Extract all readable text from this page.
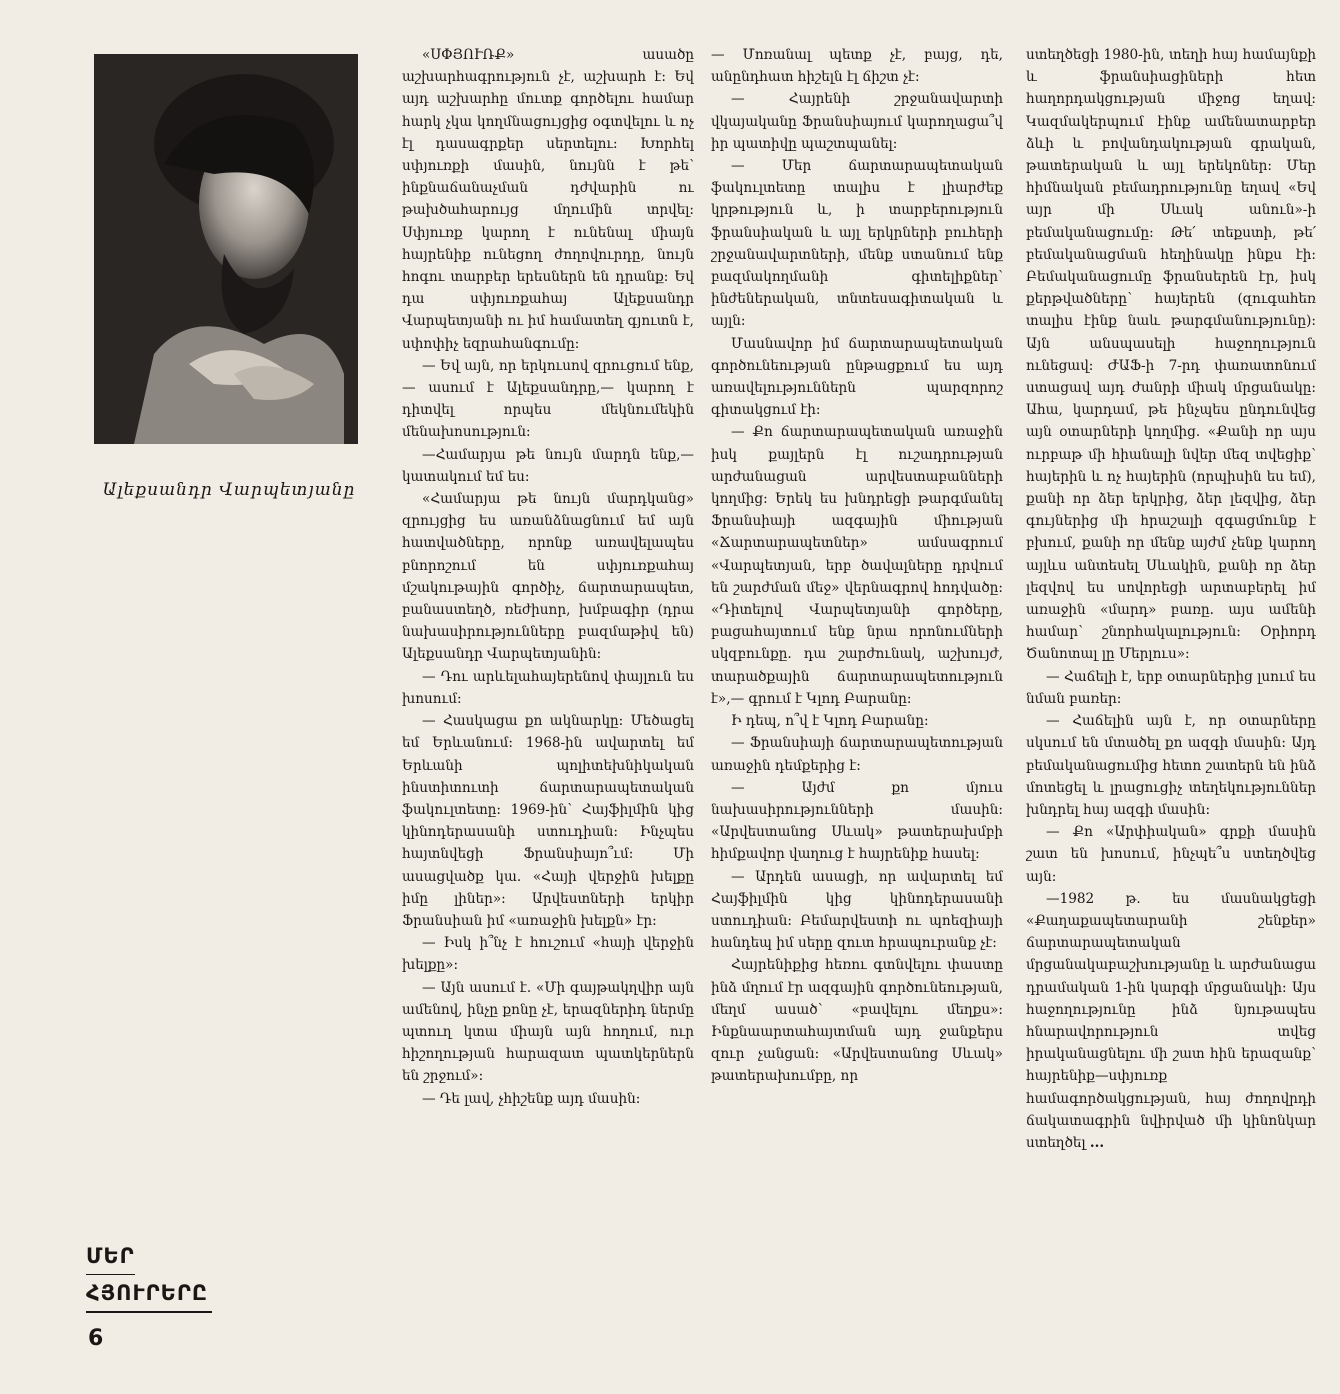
Ալեքսանդր Վարպետյանը

«ՍՓՅՈՒՌՔ» ասածը աշխարհագրություն չէ, աշխարհ է: Եվ այդ աշխարհը մուտք գործելու համար հարկ չկա կողմնացույցից օգտվելու և ոչ էլ դասագրքեր սերտելու: Խորհել սփյուռքի մասին, նույնն է թե՝ ինքնաճանաչման դժվարին ու թախծահարույց մղումին տրվել: Սփյուռք կարող է ունենալ միայն հայրենիք ունեցող ժողովուրդը, նույն հոգու տարբեր երեսներն են դրանք: Եվ դա սփյուռքահայ Ալեքսանդր Վարպետյանի ու իմ համատեղ գյուտն է, սփոփիչ եզրահանգումը:

— Եվ այն, որ երկուսով զրուցում ենք,— ասում է Ալեքսանդրը,— կարող է դիտվել որպես մեկնումեկին մենախոսություն:

—Համարյա թե նույն մարդն ենք,— կատակում եմ ես:

«Համարյա թե նույն մարդկանց» զրույցից ես առանձնացնում եմ այն հատվածները, որոնք առավելապես բնորոշում են սփյուռքահայ մշակութային գործիչ, ճարտարապետ, բանաստեղծ, ռեժիսոր, խմբագիր (դրա նախասիրությունները բազմաթիվ են) Ալեքսանդր Վարպետյանին:

— Դու արևելահայերենով փայլուն ես խոսում:

— Հասկացա քո ակնարկը: Մեծացել եմ Երևանում: 1968-ին ավարտել եմ Երևանի պոլիտեխնիկական ինստիտուտի ճարտարապետական ֆակուլտետը: 1969-ին՝ Հայֆիլմին կից կինոդերասանի ստուդիան: Ինչպես հայտնվեցի Ֆրանսիայո՞ւմ: Մի ասացվածք կա. «Հայի վերջին խելքը իմը լիներ»: Արվեստների երկիր Ֆրանսիան իմ «առաջին խելքն» էր:

— Իսկ ի՞նչ է հուշում «հայի վերջին խելքը»:

— Այն ասում է. «Մի գայթակղվիր այն ամենով, ինչը քոնը չէ, երազներիդ ներմը պտուղ կտա միայն այն հողում, ուր հիշողության հարազատ պատկերներն են շրջում»:

— Դե լավ, չհիշենք այդ մասին:

— Մոռանալ պետք չէ, բայց, դե, անընդհատ հիշելն էլ ճիշտ չէ:

— Հայրենի շրջանավարտի վկայականը Ֆրանսիայում կարողացա՞վ իր պատիվը պաշտպանել:

— Մեր ճարտարապետական ֆակուլտետը տալիս է լիարժեք կրթություն և, ի տարբերություն ֆրանսիական և այլ երկրների բուհերի շրջանավարտների, մենք ստանում ենք բազմակողմանի գիտելիքներ՝ ինժեներական, տնտեսագիտական և այլն:

Մասնավոր իմ ճարտարապետական գործունեության ընթացքում ես այդ առավելություններն պարզորոշ գիտակցում էի:

— Քո ճարտարապետական առաջին իսկ քայլերն էլ ուշադրության արժանացան արվեստաբանների կողմից: Երեկ ես խնդրեցի թարգմանել Ֆրանսիայի ազգային միության «Ճարտարապետներ» ամսագրում «Վարպետյան, երբ ծավալները դրվում են շարժման մեջ» վերնագրով հոդվածը: «Դիտելով Վարպետյանի գործերը, բացահայտում ենք նրա որոնումների սկզբունքը. դա շարժունակ, աշխույժ, տարածքային ճարտարապետություն է»,— գրում է Կլոդ Բարանը:

Ի դեպ, ո՞վ է Կլոդ Բարանը:

— Ֆրանսիայի ճարտարապետության առաջին դեմքերից է:

— Այժմ քո մյուս նախասիրությունների մասին: «Արվեստանոց Սևակ» թատերախմբի հիմքավոր վաղուց է հայրենիք հասել:

— Արդեն ասացի, որ ավարտել եմ Հայֆիլմին կից կինոդերասանի ստուդիան: Բեմարվեստի ու պոեզիայի հանդեպ իմ սերը զուտ հրապուրանք չէ:

Հայրենիքից հեռու գտնվելու փաստը ինձ մղում էր ազգային գործունեության, մեղմ ասած՝ «բավելու մեղքս»: Ինքնաարտահայտման այդ ջանքերս զուր չանցան: «Արվեստանոց Սևակ» թատերախումբը, որ

ստեղծեցի 1980-ին, տեղի հայ համայնքի և ֆրանսիացիների հետ հաղորդակցության միջոց եղավ: Կազմակերպում էինք ամենատարբեր ձևի և բովանդակության գրական, թատերական և այլ երեկոներ: Մեր հիմնական բեմադրությունը եղավ «Եվ այր մի Սևակ անուն»-ի բեմականացումը: Թե՛ տեքստի, թե՛ բեմականացման հեղինակը ինքս էի: Բեմականացումը ֆրանսերեն էր, իսկ քերթվածները՝ հայերեն (զուգահեռ տալիս էինք նաև թարգմանությունը): Այն անսպասելի հաջողություն ունեցավ: ԺԱՖ-ի 7-րդ փառատոնում ստացավ այդ ժանրի միակ մրցանակը: Ահա, կարդամ, թե ինչպես ընդունվեց այն օտարների կողմից. «Քանի որ այս ուրբաթ մի հիանալի նվեր մեզ տվեցիք՝ հայերին և ոչ հայերին (որպիսին ես եմ), քանի որ ձեր երկրից, ձեր լեզվից, ձեր գույներից մի հրաշալի զգացմունք է բխում, քանի որ մենք այժմ չենք կարող այլևս անտեսել Սևակին, քանի որ ձեր լեզվով ես սովորեցի արտաբերել իմ առաջին «մարդ» բառը. այս ամենի համար՝ շնորհակալություն: Օրիորդ Ծանոտալ լը Մերլուս»:

— Հաճելի է, երբ օտարներից լսում ես նման բառեր:

— Հաճելին այն է, որ օտարները սկսում են մտածել քո ազգի մասին: Այդ բեմականացումից հետո շատերն են ինձ մոտեցել և լրացուցիչ տեղեկություններ խնդրել հայ ազգի մասին:

— Քո «Արփիական» գրքի մասին շատ են խոսում, ինչպե՞ս ստեղծվեց այն:

—1982 թ. ես մասնակցեցի «Քաղաքապետարանի շենքեր» ճարտարապետական մրցանակաբաշխությանը և արժանացա դրամական 1-ին կարգի մրցանակի: Այս հաջողությունը ինձ նյութապես հնարավորություն տվեց իրականացնելու մի շատ հին երազանք՝ հայրենիք—սփյուռք համագործակցության, հայ ժողովրդի ճակատագրին նվիրված մի կինոնկար ստեղծել ...

ՄԵՐ
ՀՅՈՒՐԵՐԸ
6
